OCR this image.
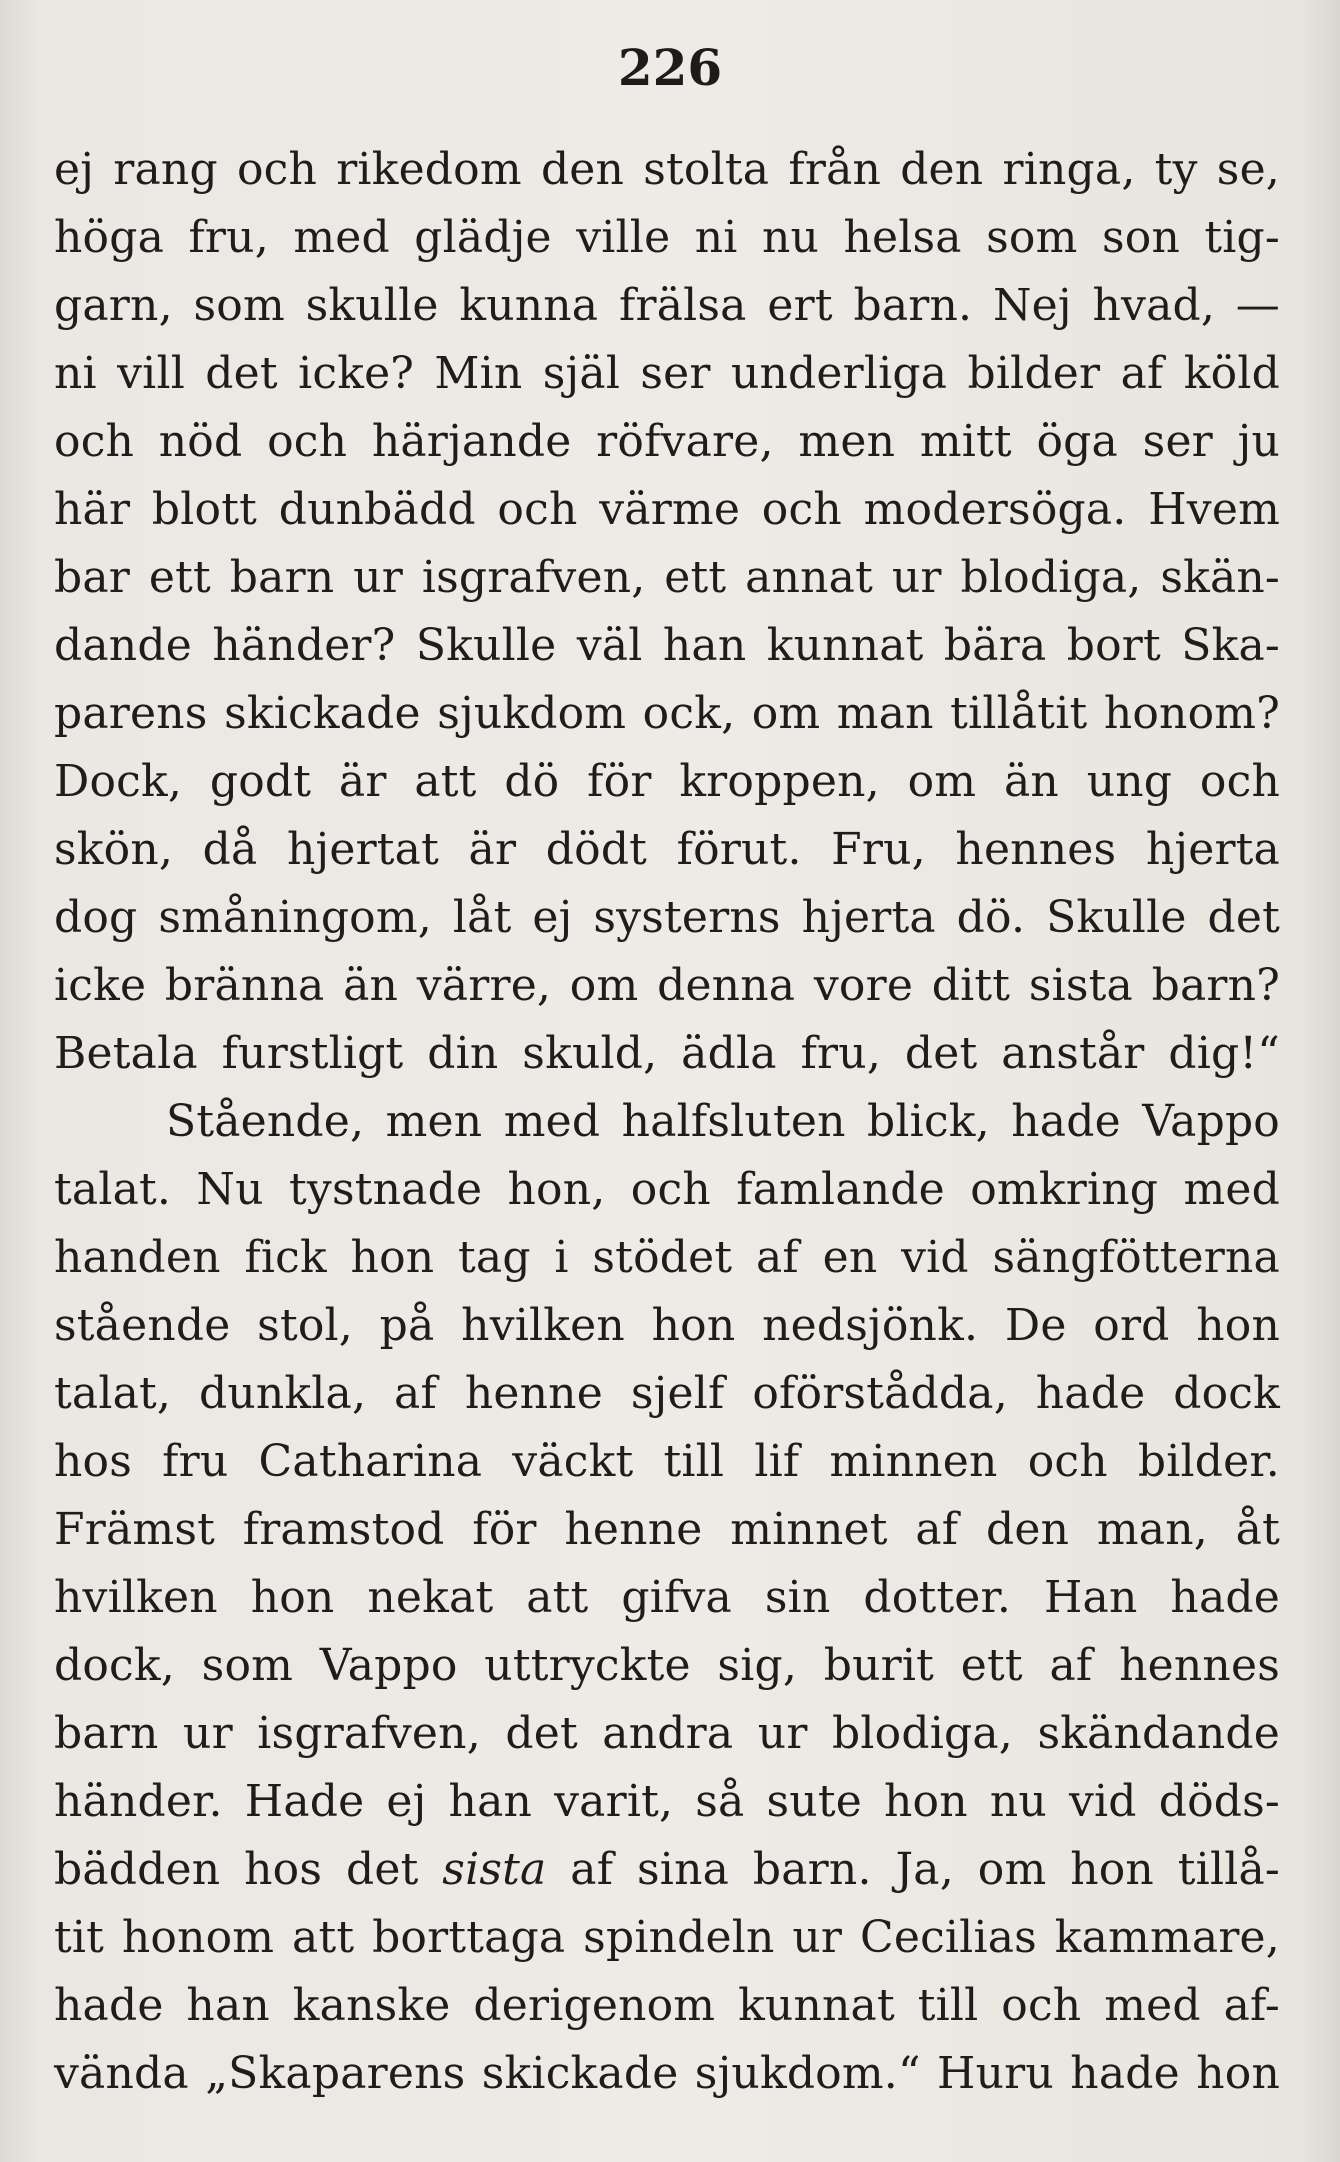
226
ej rang och rikedom den stolta från den ringa, ty se,
höga fru, med glädje ville ni nu helsa som son tig-
garn, som skulle kunna frälsa ert barn. Nej hvad, —
ni vill det icke? Min själ ser underliga bilder af köld
och nöd och härjande röfvare, men mitt öga ser ju
här blott dunbädd och värme och modersöga. Hvem
bar ett barn ur isgrafven, ett annat ur blodiga, skän-
dande händer? Skulle väl han kunnat bära bort Ska-
parens skickade sjukdom ock, om man tillåtit honom?
Dock, godt är att dö för kroppen, om än ung och
skön, då hjertat är dödt förut. Fru, hennes hjerta
dog småningom, låt ej systerns hjerta dö. Skulle det
icke bränna än värre, om denna vore ditt sista barn?
Betala furstligt din skuld, ädla fru, det anstår dig!“
Stående, men med halfsluten blick, hade Vappo
talat. Nu tystnade hon, och famlande omkring med
handen fick hon tag i stödet af en vid sängfötterna
stående stol, på hvilken hon nedsjönk. De ord hon
talat, dunkla, af henne sjelf oförstådda, hade dock
hos fru Catharina väckt till lif minnen och bilder.
Främst framstod för henne minnet af den man, åt
hvilken hon nekat att gifva sin dotter. Han hade
dock, som Vappo uttryckte sig, burit ett af hennes
barn ur isgrafven, det andra ur blodiga, skändande
händer. Hade ej han varit, så sute hon nu vid döds-
bädden hos det sista af sina barn. Ja, om hon tillå-
tit honom att borttaga spindeln ur Cecilias kammare,
hade han kanske derigenom kunnat till och med af-
vända „Skaparens skickade sjukdom.“ Huru hade hon
